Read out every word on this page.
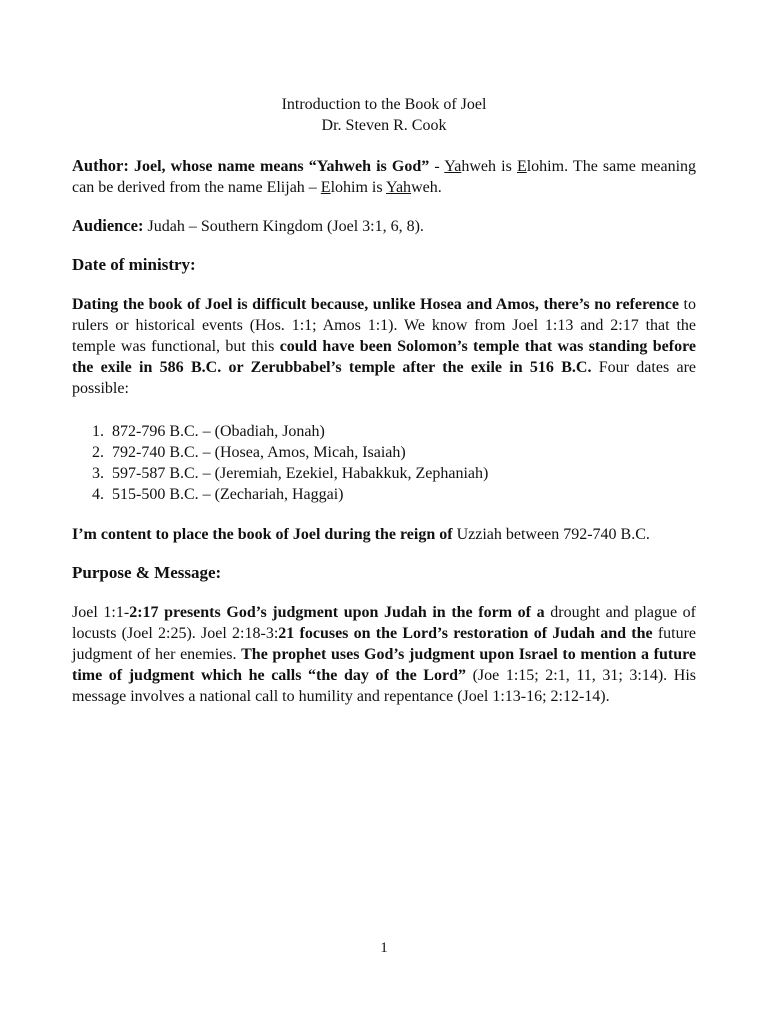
Introduction to the Book of Joel
Dr. Steven R. Cook

Author: Joel, whose name means “Yahweh is God” - Yahweh is Elohim. The same meaning can be derived from the name Elijah – Elohim is Yahweh.

Audience: Judah – Southern Kingdom (Joel 3:1, 6, 8).

Date of ministry:

Dating the book of Joel is difficult because, unlike Hosea and Amos, there’s no reference to rulers or historical events (Hos. 1:1; Amos 1:1). We know from Joel 1:13 and 2:17 that the temple was functional, but this could have been Solomon’s temple that was standing before the exile in 586 B.C. or Zerubbabel’s temple after the exile in 516 B.C. Four dates are possible:

1. 872-796 B.C. – (Obadiah, Jonah)
2. 792-740 B.C. – (Hosea, Amos, Micah, Isaiah)
3. 597-587 B.C. – (Jeremiah, Ezekiel, Habakkuk, Zephaniah)
4. 515-500 B.C. – (Zechariah, Haggai)

I’m content to place the book of Joel during the reign of Uzziah between 792-740 B.C.

Purpose & Message:

Joel 1:1-2:17 presents God’s judgment upon Judah in the form of a drought and plague of locusts (Joel 2:25). Joel 2:18-3:21 focuses on the Lord’s restoration of Judah and the future judgment of her enemies. The prophet uses God’s judgment upon Israel to mention a future time of judgment which he calls “the day of the Lord” (Joe 1:15; 2:1, 11, 31; 3:14). His message involves a national call to humility and repentance (Joel 1:13-16; 2:12-14).

1
